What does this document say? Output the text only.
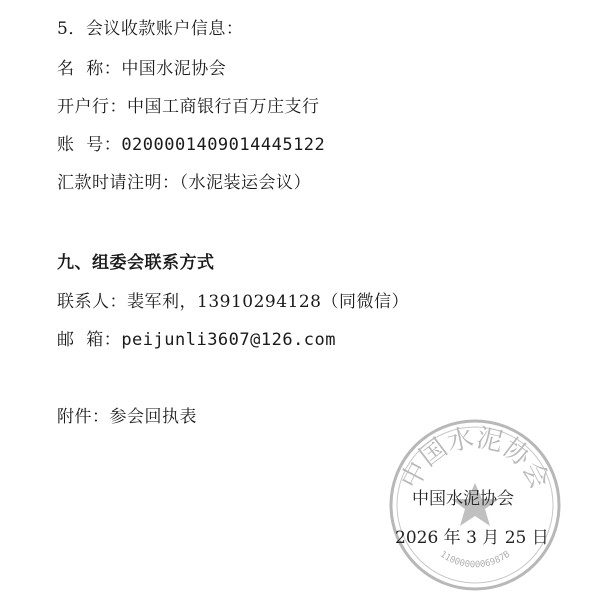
5．会议收款账户信息：
名  称：中国水泥协会
开户行：中国工商银行百万庄支行
账  号：0200001409014445122
汇款时请注明：（水泥装运会议）
九、组委会联系方式
联系人：裴军利，13910294128（同微信）
邮  箱：peijunli3607@126.com
附件：参会回执表
中国水泥协会
1100000006987B
中国水泥协会
2026 年 3 月 25 日
